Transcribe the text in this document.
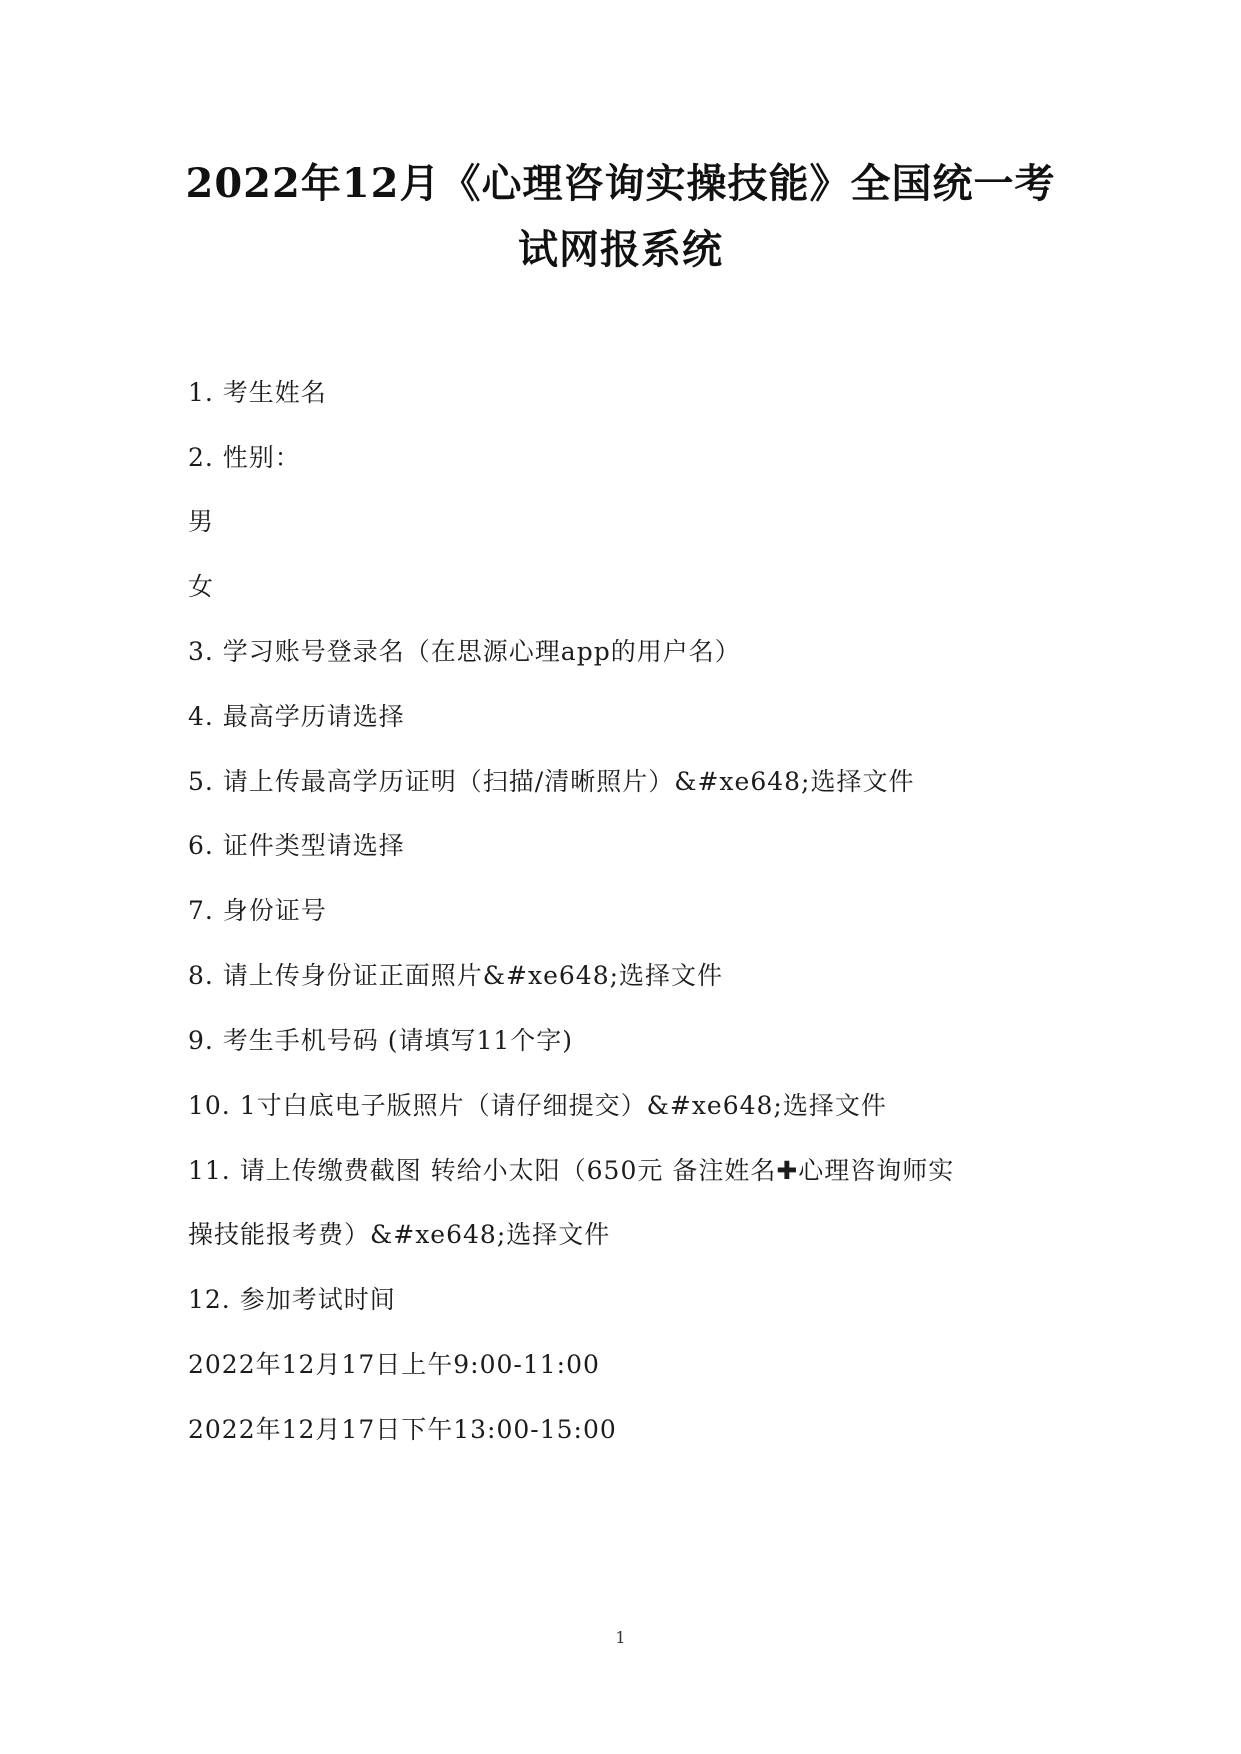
2022年12月《心理咨询实操技能》全国统一考
试网报系统
1. 考生姓名
2. 性别：
男
女
3. 学习账号登录名（在思源心理app的用户名）
4. 最高学历请选择
5. 请上传最高学历证明（扫描/清晰照片）&#xe648;选择文件
6. 证件类型请选择
7. 身份证号
8. 请上传身份证正面照片&#xe648;选择文件
9. 考生手机号码 (请填写11个字)
10. 1寸白底电子版照片（请仔细提交）&#xe648;选择文件
11. 请上传缴费截图 转给小太阳（650元 备注姓名✚心理咨询师实
操技能报考费）&#xe648;选择文件
12. 参加考试时间
2022年12月17日上午9:00-11:00
2022年12月17日下午13:00-15:00
1
